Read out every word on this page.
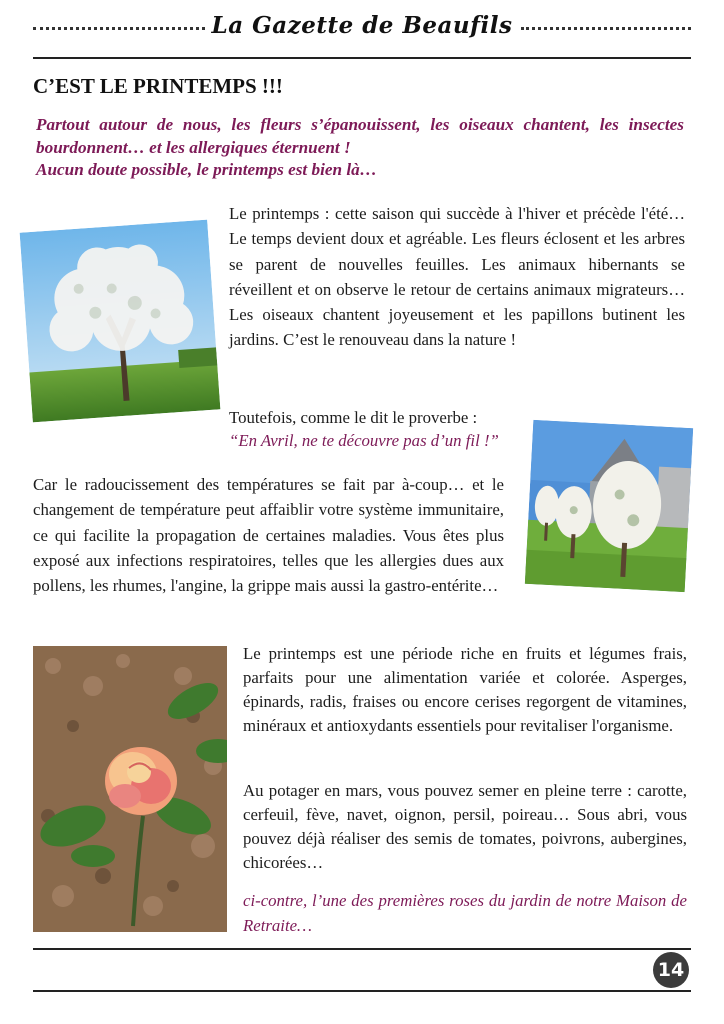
La Gazette de Beaufils
C’EST LE PRINTEMPS !!!
Partout autour de nous, les fleurs s’épanouissent, les oiseaux chantent, les insectes bourdonnent… et les allergiques éternuent !
Aucun doute possible, le printemps est bien là…

Le printemps : cette saison qui succède à l'hiver et précède l'été… Le temps devient doux et agréable. Les fleurs éclosent et les arbres se parent de nouvelles feuilles. Les animaux hibernants se réveillent et on observe le retour de certains animaux migrateurs… Les oiseaux chantent joyeusement et les papillons butinent les jardins. C’est le renouveau dans la nature !

Toutefois, comme le dit le proverbe :

“En Avril, ne te découvre pas d’un fil !”

Car le radoucissement des températures se fait par à-coup… et le changement de température peut affaiblir votre système immunitaire, ce qui facilite la propagation de certaines maladies. Vous êtes plus exposé aux infections respiratoires, telles que les allergies dues aux pollens, les rhumes, l'angine, la grippe mais aussi la gastro-entérite…

Le printemps est une période riche en fruits et légumes frais, parfaits pour une alimentation variée et colorée. Asperges, épinards, radis, fraises ou encore cerises regorgent de vitamines, minéraux et antioxydants essentiels pour revitaliser l'organisme.

Au potager en mars, vous pouvez semer en pleine terre : carotte, cerfeuil, fève, navet, oignon, persil, poireau… Sous abri, vous pouvez déjà réaliser des semis de tomates, poivrons, aubergines, chicorées…

ci-contre, l’une des premières roses du jardin de notre Maison de Retraite…

14
